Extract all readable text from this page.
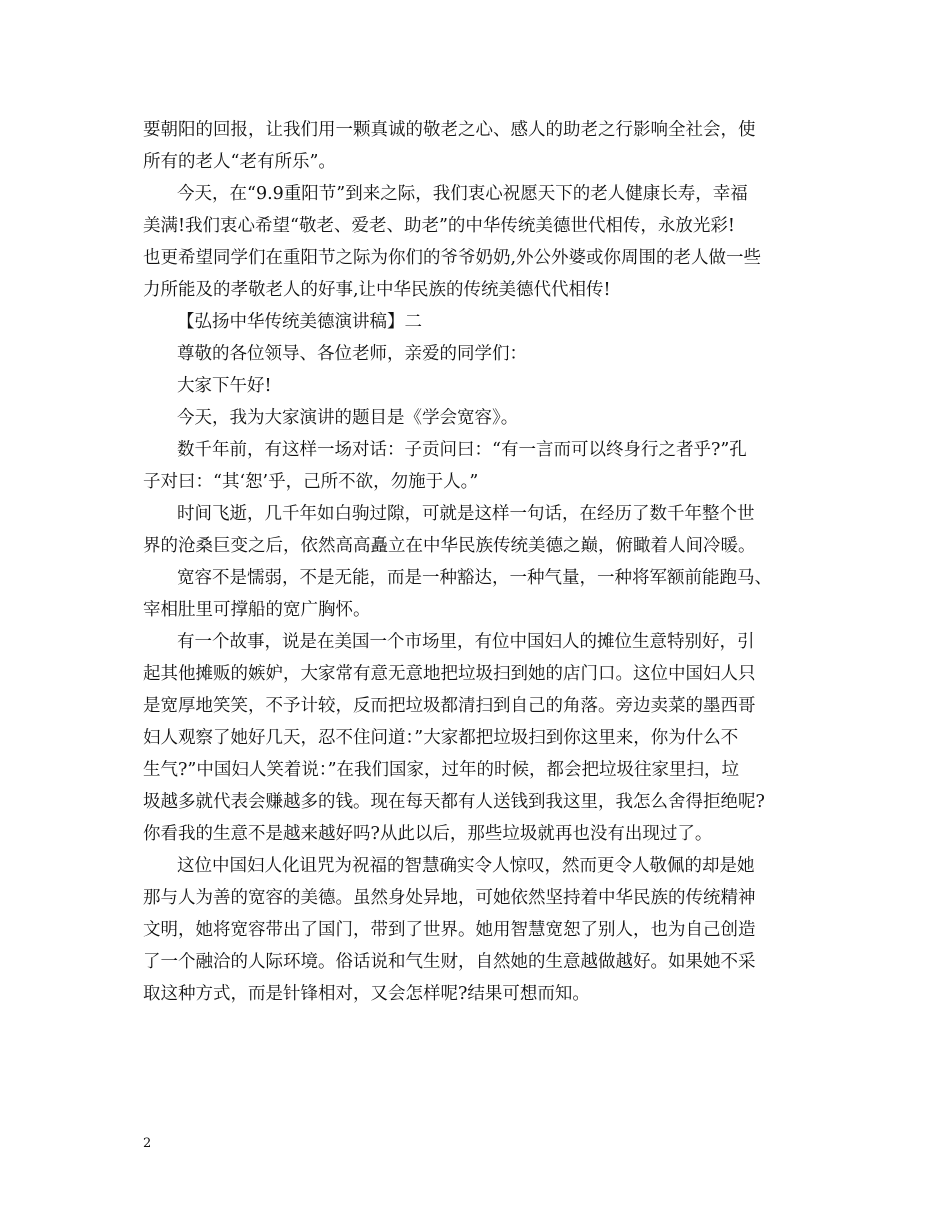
要朝阳的回报，让我们用一颗真诚的敬老之心、感人的助老之行影响全社会，使
所有的老人“老有所乐”。
今天，在“9.9重阳节”到来之际，我们衷心祝愿天下的老人健康长寿，幸福
美满!我们衷心希望“敬老、爱老、助老”的中华传统美德世代相传，永放光彩!
也更希望同学们在重阳节之际为你们的爷爷奶奶,外公外婆或你周围的老人做一些
力所能及的孝敬老人的好事,让中华民族的传统美德代代相传!
【弘扬中华传统美德演讲稿】二
尊敬的各位领导、各位老师，亲爱的同学们：
大家下午好!
今天，我为大家演讲的题目是《学会宽容》。
数千年前，有这样一场对话：子贡问曰：“有一言而可以终身行之者乎?”孔
子对曰：“其‘恕’乎，己所不欲，勿施于人。”
时间飞逝，几千年如白驹过隙，可就是这样一句话，在经历了数千年整个世
界的沧桑巨变之后，依然高高矗立在中华民族传统美德之巅，俯瞰着人间冷暖。
宽容不是懦弱，不是无能，而是一种豁达，一种气量，一种将军额前能跑马、
宰相肚里可撑船的宽广胸怀。
有一个故事，说是在美国一个市场里，有位中国妇人的摊位生意特别好，引
起其他摊贩的嫉妒，大家常有意无意地把垃圾扫到她的店门口。这位中国妇人只
是宽厚地笑笑，不予计较，反而把垃圾都清扫到自己的角落。旁边卖菜的墨西哥
妇人观察了她好几天，忍不住问道：”大家都把垃圾扫到你这里来，你为什么不
生气?”中国妇人笑着说：”在我们国家，过年的时候，都会把垃圾往家里扫，垃
圾越多就代表会赚越多的钱。现在每天都有人送钱到我这里，我怎么舍得拒绝呢?
你看我的生意不是越来越好吗?从此以后，那些垃圾就再也没有出现过了。
这位中国妇人化诅咒为祝福的智慧确实令人惊叹，然而更令人敬佩的却是她
那与人为善的宽容的美德。虽然身处异地，可她依然坚持着中华民族的传统精神
文明，她将宽容带出了国门，带到了世界。她用智慧宽恕了别人，也为自己创造
了一个融洽的人际环境。俗话说和气生财，自然她的生意越做越好。如果她不采
取这种方式，而是针锋相对，又会怎样呢?结果可想而知。
2
